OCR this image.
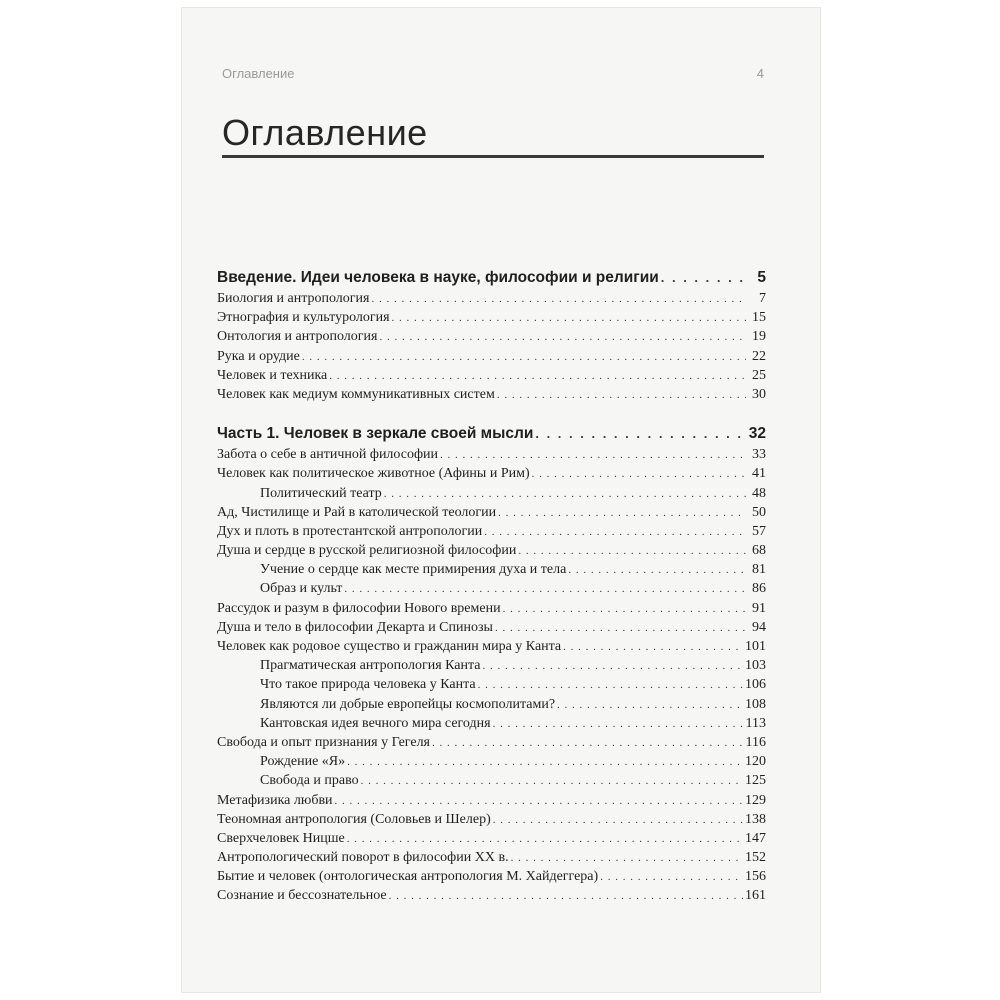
Оглавление	4
Оглавление
Введение. Идеи человека в науке, философии и религии . . .	5
Биология и антропология . . .	7
Этнография и культурология . . .	15
Онтология и антропология . . .	19
Рука и орудие . . .	22
Человек и техника . . .	25
Человек как медиум коммуникативных систем . . .	30
Часть 1. Человек в зеркале своей мысли . . .	32
Забота о себе в античной философии . . .	33
Человек как политическое животное (Афины и Рим) . . .	41
Политический театр . . .	48
Ад, Чистилище и Рай в католической теологии . . .	50
Дух и плоть в протестантской антропологии . . .	57
Душа и сердце в русской религиозной философии . . .	68
Учение о сердце как месте примирения духа и тела . . .	81
Образ и культ . . .	86
Рассудок и разум в философии Нового времени . . .	91
Душа и тело в философии Декарта и Спинозы . . .	94
Человек как родовое существо и гражданин мира у Канта . . .	101
Прагматическая антропология Канта . . .	103
Что такое природа человека у Канта . . .	106
Являются ли добрые европейцы космополитами? . . .	108
Кантовская идея вечного мира сегодня . . .	113
Свобода и опыт признания у Гегеля . . .	116
Рождение «Я» . . .	120
Свобода и право . . .	125
Метафизика любви . . .	129
Теономная антропология (Соловьев и Шелер) . . .	138
Сверхчеловек Ницше . . .	147
Антропологический поворот в философии XX в. . . .	152
Бытие и человек (онтологическая антропология М. Хайдеггера) . . .	156
Сознание и бессознательное . . .	161
